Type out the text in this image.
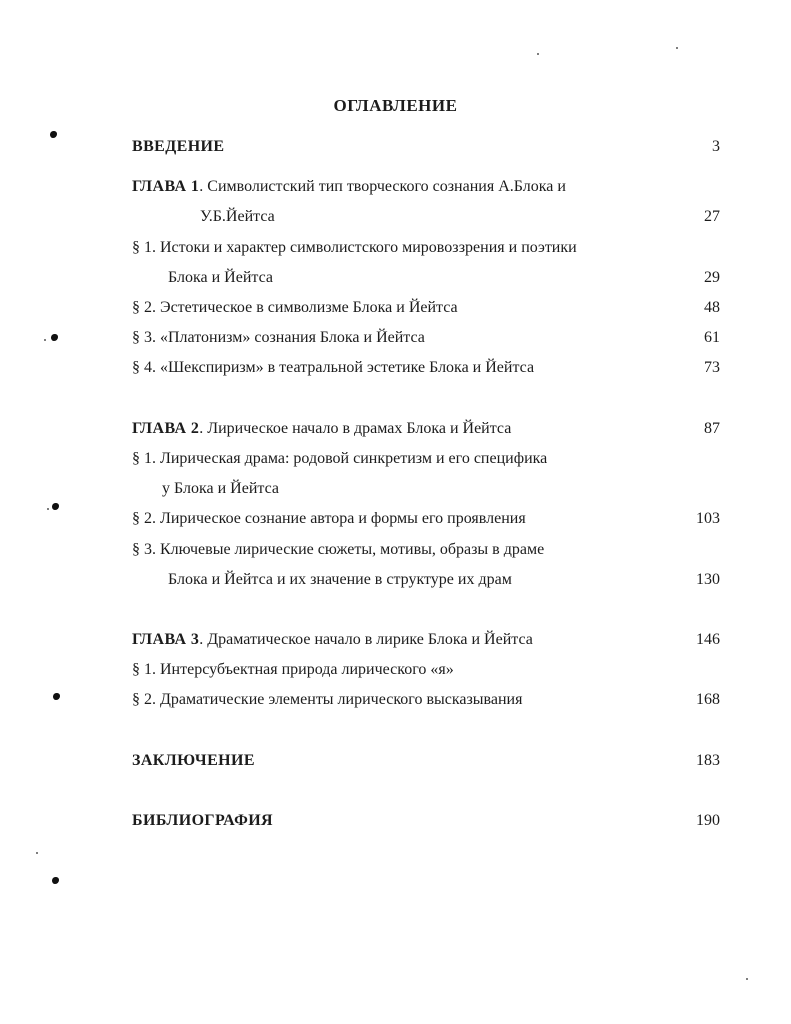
ОГЛАВЛЕНИЕ
ВВЕДЕНИЕ	3
ГЛАВА 1. Символистский тип творческого сознания А.Блока и
У.Б.Йейтса	27
§ 1. Истоки и характер символистского мировоззрения и поэтики
Блока и Йейтса	29
§ 2. Эстетическое в символизме Блока и Йейтса	48
§ 3. «Платонизм» сознания Блока и Йейтса	61
§ 4. «Шекспиризм» в театральной эстетике Блока и Йейтса	73
ГЛАВА 2. Лирическое начало в драмах Блока и Йейтса	87
§ 1. Лирическая драма: родовой синкретизм и его специфика
у Блока и Йейтса
§ 2. Лирическое сознание автора и формы его проявления	103
§ 3. Ключевые лирические сюжеты, мотивы, образы в драме
Блока и Йейтса и их значение в структуре их драм	130
ГЛАВА 3. Драматическое начало в лирике Блока и Йейтса	146
§ 1. Интерсубъектная природа лирического «я»
§ 2. Драматические элементы лирического высказывания	168
ЗАКЛЮЧЕНИЕ	183
БИБЛИОГРАФИЯ	190
